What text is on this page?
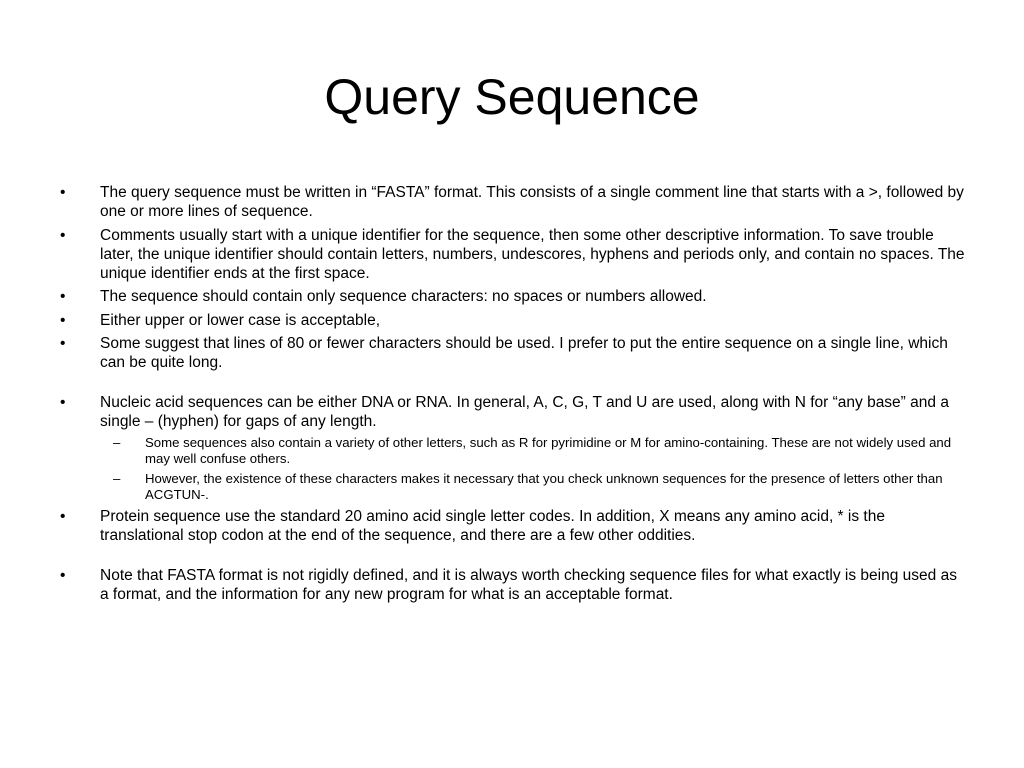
Query Sequence
• The query sequence must be written in “FASTA” format. This consists of a single comment line that starts with a >, followed by one or more lines of sequence.
• Comments usually start with a unique identifier for the sequence, then some other descriptive information. To save trouble later, the unique identifier should contain letters, numbers, undescores, hyphens and periods only, and contain no spaces. The unique identifier ends at the first space.
• The sequence should contain only sequence characters: no spaces or numbers allowed.
• Either upper or lower case is acceptable,
• Some suggest that lines of 80 or fewer characters should be used. I prefer to put the entire sequence on a single line, which can be quite long.
• Nucleic acid sequences can be either DNA or RNA. In general, A, C, G, T and U are used, along with N for “any base” and a single – (hyphen) for gaps of any length.
– Some sequences also contain a variety of other letters, such as R for pyrimidine or M for amino-containing. These are not widely used and may well confuse others.
– However, the existence of these characters makes it necessary that you check unknown sequences for the presence of letters other than ACGTUN-.
• Protein sequence use the standard 20 amino acid single letter codes. In addition, X means any amino acid, * is the translational stop codon at the end of the sequence, and there are a few other oddities.
• Note that FASTA format is not rigidly defined, and it is always worth checking sequence files for what exactly is being used as a format, and the information for any new program for what is an acceptable format.
